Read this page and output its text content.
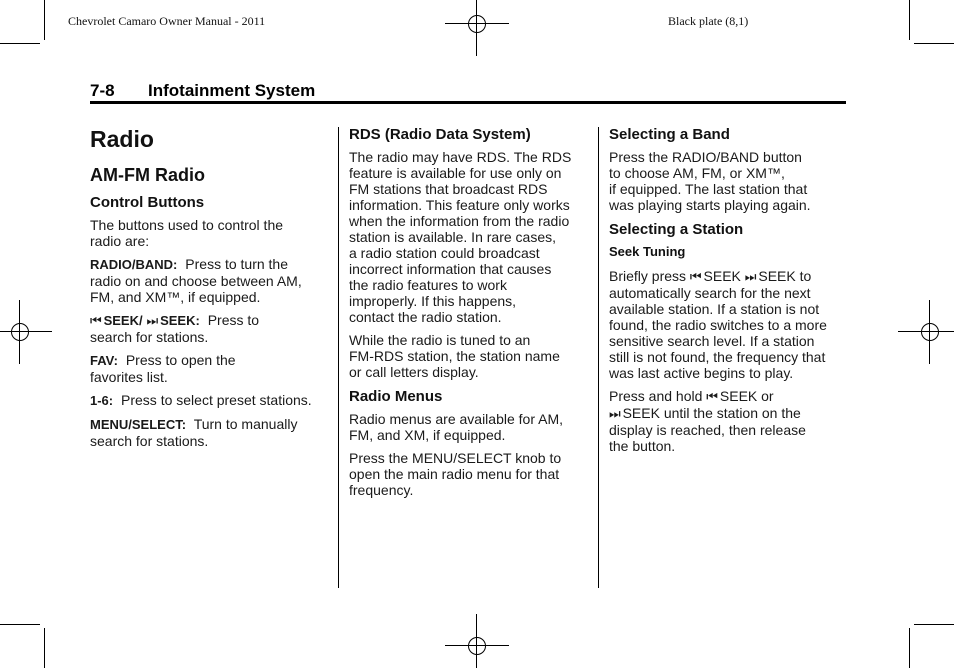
Chevrolet Camaro Owner Manual - 2011	Black plate (8,1)
7-8 Infotainment System
Radio
AM-FM Radio
Control Buttons
The buttons used to control the
radio are:
RADIO/BAND: Press to turn the
radio on and choose between AM,
FM, and XM™, if equipped.
⏮ SEEK/ ⏭ SEEK: Press to
search for stations.
FAV: Press to open the
favorites list.
1-6: Press to select preset stations.
MENU/SELECT: Turn to manually
search for stations.
RDS (Radio Data System)
The radio may have RDS. The RDS
feature is available for use only on
FM stations that broadcast RDS
information. This feature only works
when the information from the radio
station is available. In rare cases,
a radio station could broadcast
incorrect information that causes
the radio features to work
improperly. If this happens,
contact the radio station.
While the radio is tuned to an
FM-RDS station, the station name
or call letters display.
Radio Menus
Radio menus are available for AM,
FM, and XM, if equipped.
Press the MENU/SELECT knob to
open the main radio menu for that
frequency.
Selecting a Band
Press the RADIO/BAND button
to choose AM, FM, or XM™,
if equipped. The last station that
was playing starts playing again.
Selecting a Station
Seek Tuning
Briefly press ⏮ SEEK ⏭ SEEK to
automatically search for the next
available station. If a station is not
found, the radio switches to a more
sensitive search level. If a station
still is not found, the frequency that
was last active begins to play.
Press and hold ⏮ SEEK or
⏭ SEEK until the station on the
display is reached, then release
the button.
